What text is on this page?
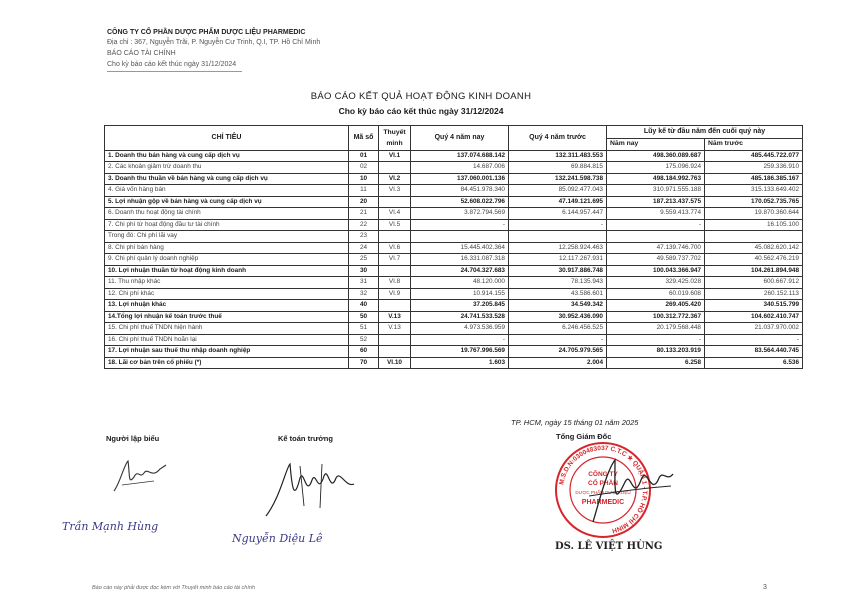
CÔNG TY CỔ PHẦN DƯỢC PHẨM DƯỢC LIỆU PHARMEDIC
Địa chỉ : 367, Nguyễn Trãi, P. Nguyễn Cư Trinh, Q.I, TP. Hồ Chí Minh
BÁO CÁO TÀI CHÍNH
Cho kỳ báo cáo kết thúc ngày 31/12/2024
BÁO CÁO KẾT QUẢ HOẠT ĐỘNG KINH DOANH
Cho kỳ báo cáo kết thúc ngày 31/12/2024
CHỈ TIÊU	Mã số	Thuyết minh	Quý 4 năm nay	Quý 4 năm trước	Lũy kế từ đầu năm đến cuối quý này	
					Năm nay	Năm trước
1. Doanh thu bán hàng và cung cấp dịch vụ	01	VI.1	137.074.688.142	132.311.483.553	498.360.089.687	485.445.722.077
2. Các khoản giảm trừ doanh thu	02		14.687.006	69.884.815	175.096.924	259.336.910
3. Doanh thu thuần về bán hàng và cung cấp dịch vụ	10	VI.2	137.060.001.136	132.241.598.738	498.184.992.763	485.186.385.167
4. Giá vốn hàng bán	11	VI.3	84.451.978.340	85.092.477.043	310.971.555.188	315.133.649.402
5. Lợi nhuận gộp về bán hàng và cung cấp dịch vụ	20		52.608.022.796	47.149.121.695	187.213.437.575	170.052.735.765
6. Doanh thu hoạt động tài chính	21	VI.4	3.872.794.569	6.144.957.447	9.559.413.774	19.870.360.644
7. Chi phí từ hoạt động đầu tư tài chính	22	VI.5	-	-	-	16.105.100
Trong đó: Chi phí lãi vay	23					
8. Chi phí bán hàng	24	VI.6	15.445.402.364	12.258.924.463	47.139.746.700	45.082.620.142
9. Chi phí quản lý doanh nghiệp	25	VI.7	16.331.087.318	12.117.267.931	49.589.737.702	40.562.476.219
10. Lợi nhuận thuần từ hoạt động kinh doanh	30		24.704.327.683	30.917.886.748	100.043.366.947	104.261.894.948
11. Thu nhập khác	31	VI.8	48.120.000	78.135.943	329.425.028	600.667.912
12. Chi phí khác	32	VI.9	10.914.155	43.586.601	60.019.608	260.152.113
13. Lợi nhuận khác	40		37.205.845	34.549.342	269.405.420	340.515.799
14.Tổng lợi nhuận kế toán trước thuế	50	V.13	24.741.533.528	30.952.436.090	100.312.772.367	104.602.410.747
15. Chi phí thuế TNDN hiện hành	51	V.13	4.973.536.959	6.246.456.525	20.179.568.448	21.037.970.002
16. Chi phí thuế TNDN hoãn lại	52		-	-	-	-
17. Lợi nhuận sau thuế thu nhập doanh nghiệp	60		19.767.996.569	24.705.979.565	80.133.203.919	83.564.440.745
18. Lãi cơ bản trên cổ phiếu (*)	70	VI.10	1.603	2.004	6.258	6.536
Người lập biểu	Kế toán trưởng
TP. HCM, ngày 15 tháng 01 năm 2025
Tổng Giám Đốc
Trần Mạnh Hùng
Nguyễn Diệu Lê
M.S.D.N:0300483037 C.T.C ★ QUẬN 1 - T.P. HỒ CHÍ MINH
CÔNG TY
CỔ PHẦN
DƯỢC PHẨM DƯỢC LIỆU
PHARMEDIC
DS. LÊ VIỆT HÙNG
Báo cáo này phải được đọc kèm với Thuyết minh báo cáo tài chính	3
